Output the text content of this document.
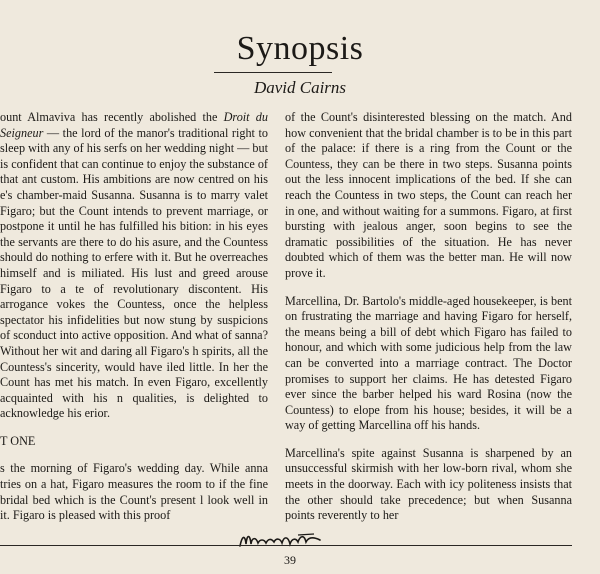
Synopsis
David Cairns

ount Almaviva has recently abolished the Droit du Seigneur — the lord of the manor's traditional right to sleep with any of his serfs on her wedding night — but is confident that can continue to enjoy the substance of that ant custom. His ambitions are now centred on his e's chamber-maid Susanna. Susanna is to marry valet Figaro; but the Count intends to prevent marriage, or postpone it until he has fulfilled his bition: in his eyes the servants are there to do his asure, and the Countess should do nothing to erfere with it. But he overreaches himself and is miliated. His lust and greed arouse Figaro to a te of revolutionary discontent. His arrogance vokes the Countess, once the helpless spectator his infidelities but now stung by suspicions of sconduct into active opposition. And what of sanna? Without her wit and daring all Figaro's h spirits, all the Countess's sincerity, would have iled little. In her the Count has met his match. In even Figaro, excellently acquainted with his n qualities, is delighted to acknowledge his erior.

T ONE

s the morning of Figaro's wedding day. While anna tries on a hat, Figaro measures the room to if the fine bridal bed which is the Count's present l look well in it. Figaro is pleased with this proof

of the Count's disinterested blessing on the match. And how convenient that the bridal chamber is to be in this part of the palace: if there is a ring from the Count or the Countess, they can be there in two steps. Susanna points out the less innocent implications of the bed. If she can reach the Countess in two steps, the Count can reach her in one, and without waiting for a summons. Figaro, at first bursting with jealous anger, soon begins to see the dramatic possibilities of the situation. He has never doubted which of them was the better man. He will now prove it.

Marcellina, Dr. Bartolo's middle-aged housekeeper, is bent on frustrating the marriage and having Figaro for herself, the means being a bill of debt which Figaro has failed to honour, and which with some judicious help from the law can be converted into a marriage contract. The Doctor promises to support her claims. He has detested Figaro ever since the barber helped his ward Rosina (now the Countess) to elope from his house; besides, it will be a way of getting Marcellina off his hands.

Marcellina's spite against Susanna is sharpened by an unsuccessful skirmish with her low-born rival, whom she meets in the doorway. Each with icy politeness insists that the other should take precedence; but when Susanna points reverently to her

39
